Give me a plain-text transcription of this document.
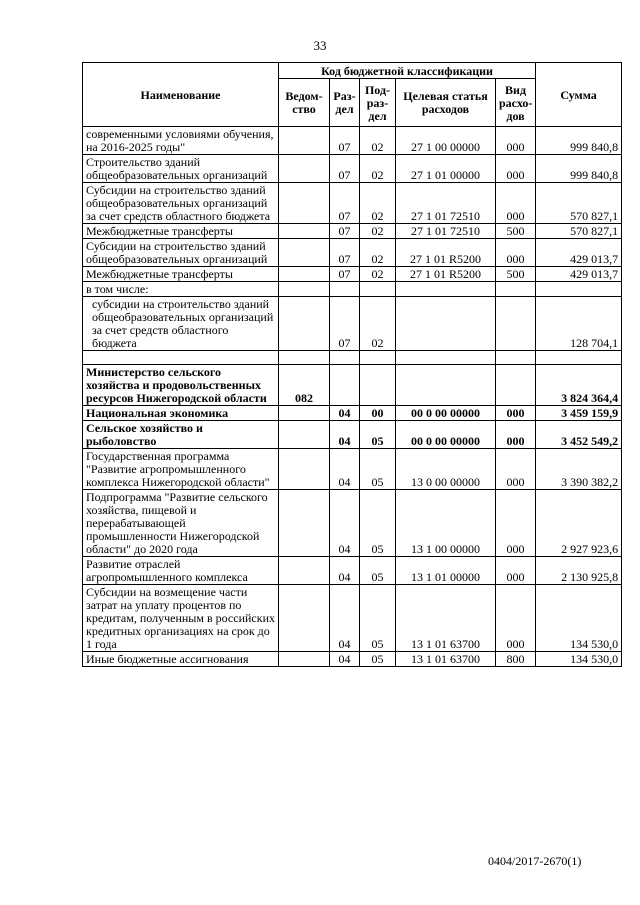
33
Наименование	Код бюджетной классификации					Сумма
	Ведом-ство	Раз-дел	Под-раз-дел	Целевая статья расходов	Вид расхо-дов	
современными условиями обучения, на 2016-2025 годы"		07	02	27 1 00 00000	000	999 840,8
Строительство зданий общеобразовательных организаций		07	02	27 1 01 00000	000	999 840,8
Субсидии на строительство зданий общеобразовательных организаций за счет средств областного бюджета		07	02	27 1 01 72510	000	570 827,1
Межбюджетные трансферты		07	02	27 1 01 72510	500	570 827,1
Субсидии на строительство зданий общеобразовательных организаций		07	02	27 1 01 R5200	000	429 013,7
Межбюджетные трансферты		07	02	27 1 01 R5200	500	429 013,7
в том числе:						
субсидии на строительство зданий общеобразовательных организаций за счет средств областного бюджета		07	02			128 704,1

Министерство сельского хозяйства и продовольственных ресурсов Нижегородской области	082					3 824 364,4
Национальная экономика		04	00	00 0 00 00000	000	3 459 159,9
Сельское хозяйство и рыболовство		04	05	00 0 00 00000	000	3 452 549,2
Государственная программа "Развитие агропромышленного комплекса Нижегородской области"		04	05	13 0 00 00000	000	3 390 382,2
Подпрограмма "Развитие сельского хозяйства, пищевой и перерабатывающей промышленности Нижегородской области" до 2020 года		04	05	13 1 00 00000	000	2 927 923,6
Развитие отраслей агропромышленного комплекса		04	05	13 1 01 00000	000	2 130 925,8
Субсидии на возмещение части затрат на уплату процентов по кредитам, полученным в российских кредитных организациях на срок до 1 года		04	05	13 1 01 63700	000	134 530,0
Иные бюджетные ассигнования		04	05	13 1 01 63700	800	134 530,0
0404/2017-2670(1)
